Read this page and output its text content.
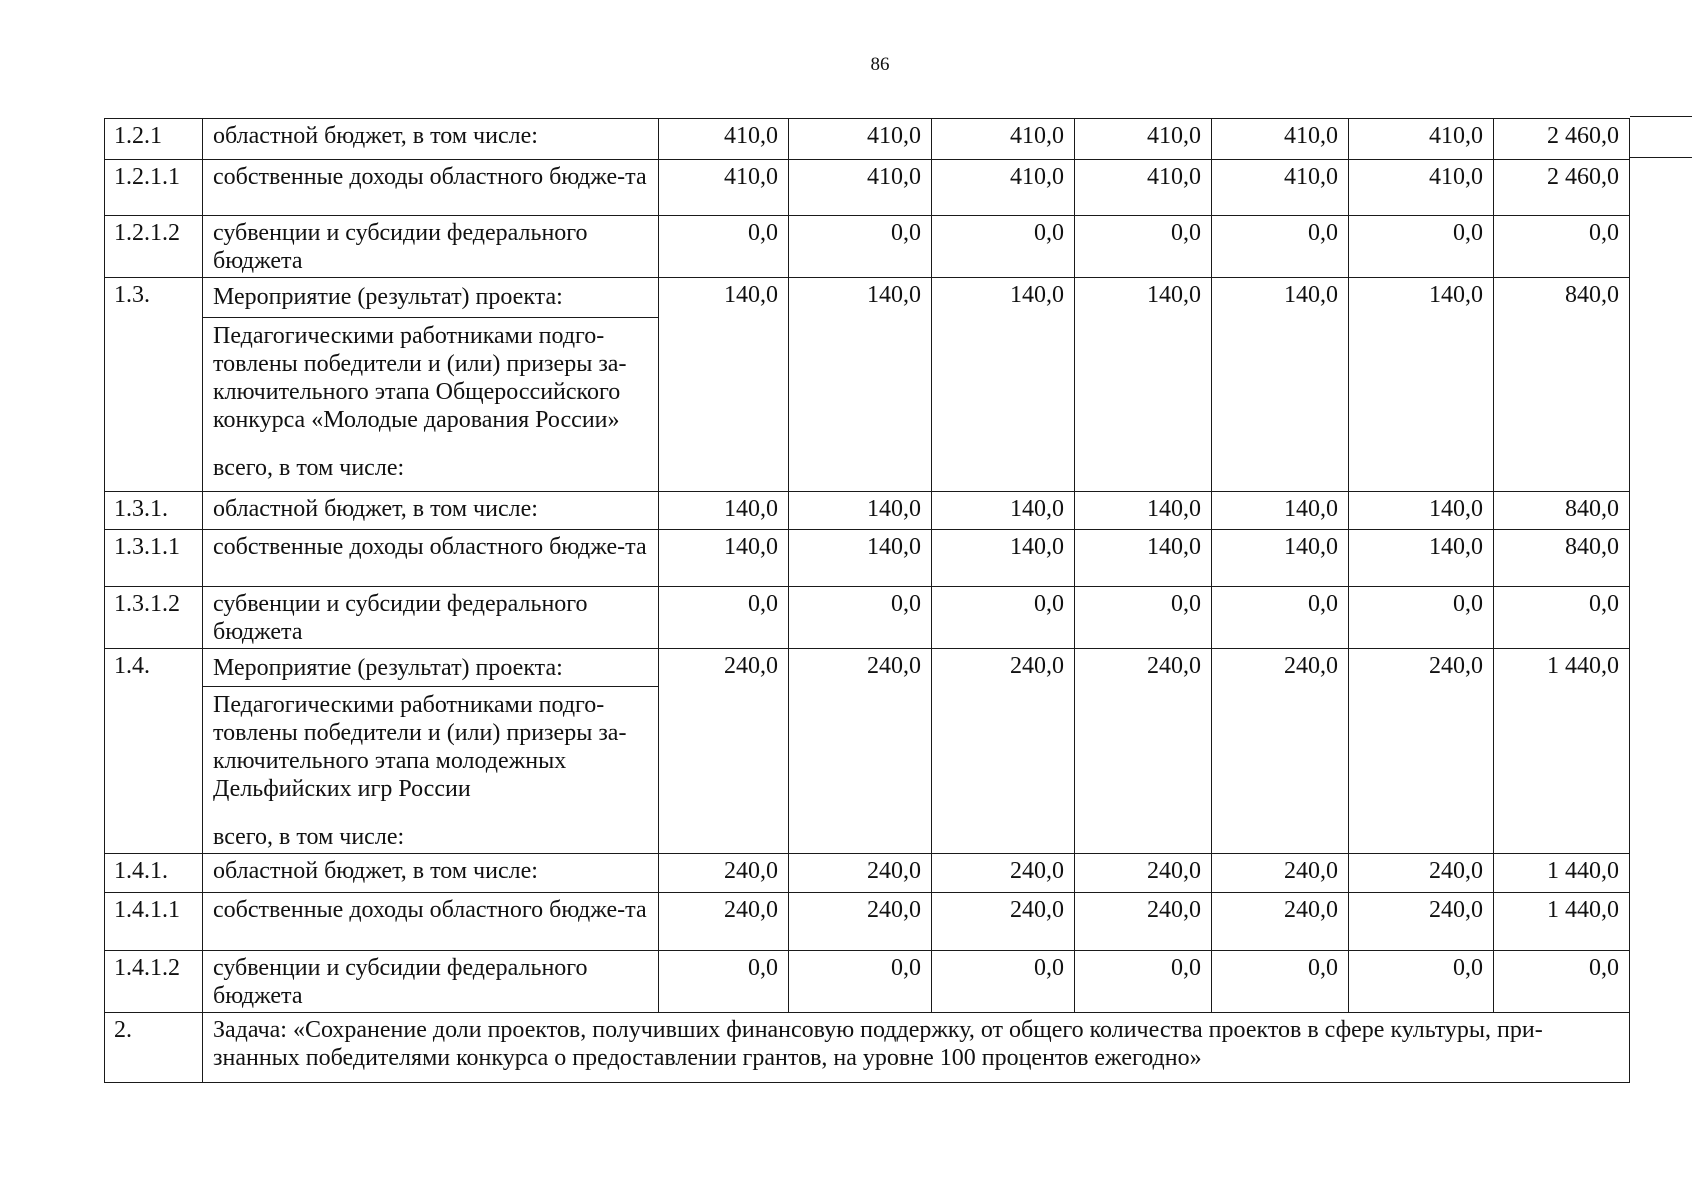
86
1.2.1	областной бюджет, в том числе:	410,0	410,0	410,0	410,0	410,0	410,0	2 460,0
1.2.1.1	собственные доходы областного бюдже-та	410,0	410,0	410,0	410,0	410,0	410,0	2 460,0
1.2.1.2	субвенции и субсидии федерального бюджета	0,0	0,0	0,0	0,0	0,0	0,0	0,0
1.3.	Мероприятие (результат) проекта:	140,0	140,0	140,0	140,0	140,0	140,0	840,0
	Педагогическими работниками подго-товлены победители и (или) призеры за-ключительного этапа Общероссийского конкурса «Молодые дарования России»
всего, в том числе:							

1.3.1.	областной бюджет, в том числе:	140,0	140,0	140,0	140,0	140,0	140,0	840,0
1.3.1.1	собственные доходы областного бюдже-та	140,0	140,0	140,0	140,0	140,0	140,0	840,0
1.3.1.2	субвенции и субсидии федерального бюджета	0,0	0,0	0,0	0,0	0,0	0,0	0,0
1.4.	Мероприятие (результат) проекта:	240,0	240,0	240,0	240,0	240,0	240,0	1 440,0
	Педагогическими работниками подго-товлены победители и (или) призеры за-ключительного этапа молодежных Дельфийских игр России
всего, в том числе:							

1.4.1.	областной бюджет, в том числе:	240,0	240,0	240,0	240,0	240,0	240,0	1 440,0
1.4.1.1	собственные доходы областного бюдже-та	240,0	240,0	240,0	240,0	240,0	240,0	1 440,0
1.4.1.2	субвенции и субсидии федерального бюджета	0,0	0,0	0,0	0,0	0,0	0,0	0,0
2.	Задача: «Сохранение доли проектов, получивших финансовую поддержку, от общего количества проектов в сфере культуры, при-знанных победителями конкурса о предоставлении грантов, на уровне 100 процентов ежегодно»							
